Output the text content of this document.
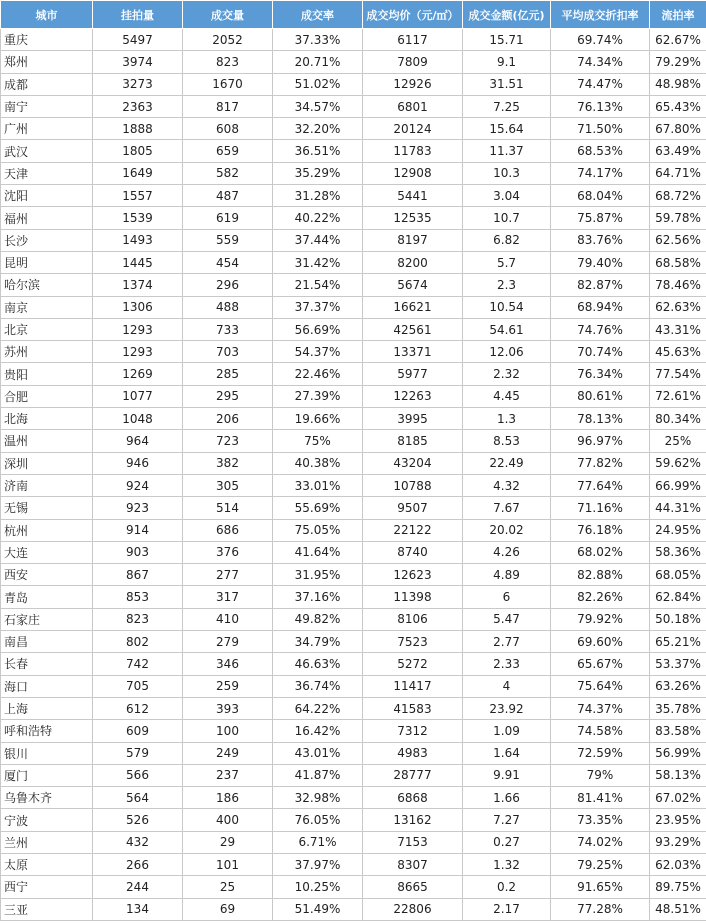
城市	挂拍量	成交量	成交率	成交均价（元/㎡）	成交金额(亿元)	平均成交折扣率	流拍率
重庆	5497	2052	37.33%	6117	15.71	69.74%	62.67%
郑州	3974	823	20.71%	7809	9.1	74.34%	79.29%
成都	3273	1670	51.02%	12926	31.51	74.47%	48.98%
南宁	2363	817	34.57%	6801	7.25	76.13%	65.43%
广州	1888	608	32.20%	20124	15.64	71.50%	67.80%
武汉	1805	659	36.51%	11783	11.37	68.53%	63.49%
天津	1649	582	35.29%	12908	10.3	74.17%	64.71%
沈阳	1557	487	31.28%	5441	3.04	68.04%	68.72%
福州	1539	619	40.22%	12535	10.7	75.87%	59.78%
长沙	1493	559	37.44%	8197	6.82	83.76%	62.56%
昆明	1445	454	31.42%	8200	5.7	79.40%	68.58%
哈尔滨	1374	296	21.54%	5674	2.3	82.87%	78.46%
南京	1306	488	37.37%	16621	10.54	68.94%	62.63%
北京	1293	733	56.69%	42561	54.61	74.76%	43.31%
苏州	1293	703	54.37%	13371	12.06	70.74%	45.63%
贵阳	1269	285	22.46%	5977	2.32	76.34%	77.54%
合肥	1077	295	27.39%	12263	4.45	80.61%	72.61%
北海	1048	206	19.66%	3995	1.3	78.13%	80.34%
温州	964	723	75%	8185	8.53	96.97%	25%
深圳	946	382	40.38%	43204	22.49	77.82%	59.62%
济南	924	305	33.01%	10788	4.32	77.64%	66.99%
无锡	923	514	55.69%	9507	7.67	71.16%	44.31%
杭州	914	686	75.05%	22122	20.02	76.18%	24.95%
大连	903	376	41.64%	8740	4.26	68.02%	58.36%
西安	867	277	31.95%	12623	4.89	82.88%	68.05%
青岛	853	317	37.16%	11398	6	82.26%	62.84%
石家庄	823	410	49.82%	8106	5.47	79.92%	50.18%
南昌	802	279	34.79%	7523	2.77	69.60%	65.21%
长春	742	346	46.63%	5272	2.33	65.67%	53.37%
海口	705	259	36.74%	11417	4	75.64%	63.26%
上海	612	393	64.22%	41583	23.92	74.37%	35.78%
呼和浩特	609	100	16.42%	7312	1.09	74.58%	83.58%
银川	579	249	43.01%	4983	1.64	72.59%	56.99%
厦门	566	237	41.87%	28777	9.91	79%	58.13%
乌鲁木齐	564	186	32.98%	6868	1.66	81.41%	67.02%
宁波	526	400	76.05%	13162	7.27	73.35%	23.95%
兰州	432	29	6.71%	7153	0.27	74.02%	93.29%
太原	266	101	37.97%	8307	1.32	79.25%	62.03%
西宁	244	25	10.25%	8665	0.2	91.65%	89.75%
三亚	134	69	51.49%	22806	2.17	77.28%	48.51%
